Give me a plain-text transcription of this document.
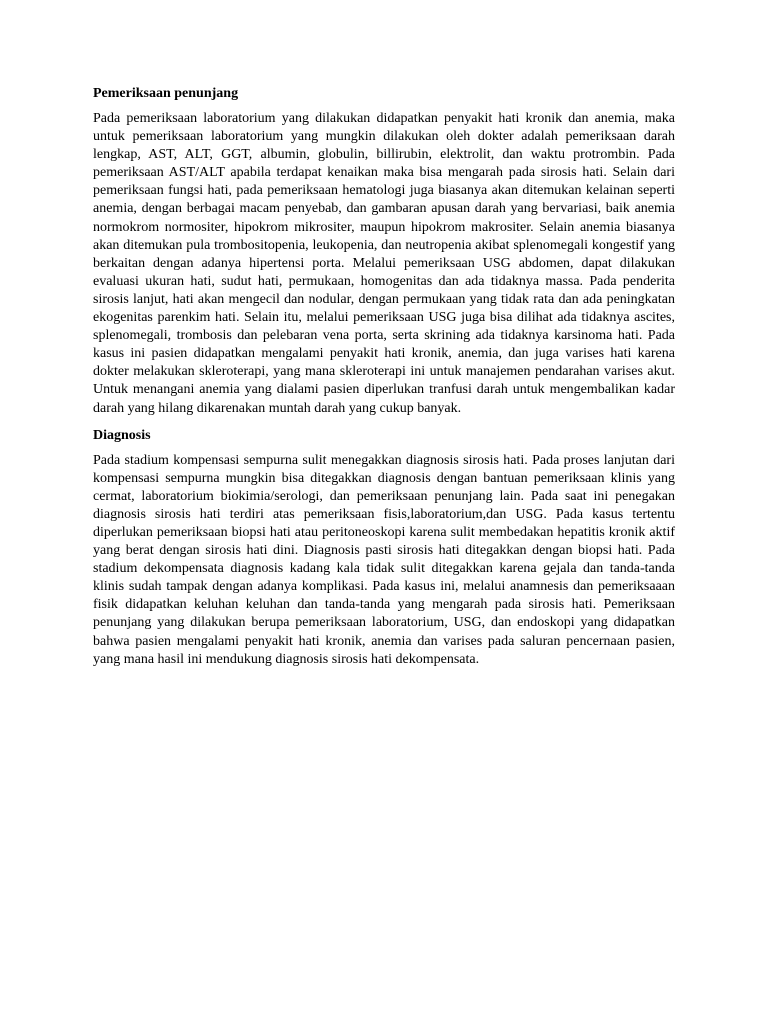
Pemeriksaan penunjang

Pada pemeriksaan laboratorium yang dilakukan didapatkan penyakit hati kronik dan anemia, maka untuk pemeriksaan laboratorium yang mungkin dilakukan oleh dokter adalah pemeriksaan darah lengkap, AST, ALT, GGT, albumin, globulin, billirubin, elektrolit, dan waktu protrombin. Pada pemeriksaan AST/ALT apabila terdapat kenaikan maka bisa mengarah pada sirosis hati. Selain dari pemeriksaan fungsi hati, pada pemeriksaan hematologi juga biasanya akan ditemukan kelainan seperti anemia, dengan berbagai macam penyebab, dan gambaran apusan darah yang bervariasi, baik anemia normokrom normositer, hipokrom mikrositer, maupun hipokrom makrositer. Selain anemia biasanya akan ditemukan pula trombositopenia, leukopenia, dan neutropenia akibat splenomegali kongestif yang berkaitan dengan adanya hipertensi porta. Melalui pemeriksaan USG abdomen, dapat dilakukan evaluasi ukuran hati, sudut hati, permukaan, homogenitas dan ada tidaknya massa. Pada penderita sirosis lanjut, hati akan mengecil dan nodular, dengan permukaan yang tidak rata dan ada peningkatan ekogenitas parenkim hati. Selain itu, melalui pemeriksaan USG juga bisa dilihat ada tidaknya ascites, splenomegali, trombosis dan pelebaran vena porta, serta skrining ada tidaknya karsinoma hati. Pada kasus ini pasien didapatkan mengalami penyakit hati kronik, anemia, dan juga varises hati karena dokter melakukan skleroterapi, yang mana skleroterapi ini untuk manajemen pendarahan varises akut. Untuk menangani anemia yang dialami pasien diperlukan tranfusi darah untuk mengembalikan kadar darah yang hilang dikarenakan muntah darah yang cukup banyak.

Diagnosis

Pada stadium kompensasi sempurna sulit menegakkan diagnosis sirosis hati. Pada proses lanjutan dari kompensasi sempurna mungkin bisa ditegakkan diagnosis dengan bantuan pemeriksaan klinis yang cermat, laboratorium biokimia/serologi, dan pemeriksaan penunjang lain. Pada saat ini penegakan diagnosis sirosis hati terdiri atas pemeriksaan fisis,laboratorium,dan USG. Pada kasus tertentu diperlukan pemeriksaan biopsi hati atau peritoneoskopi karena sulit membedakan hepatitis kronik aktif yang berat dengan sirosis hati dini. Diagnosis pasti sirosis hati ditegakkan dengan biopsi hati. Pada stadium dekompensata diagnosis kadang kala tidak sulit ditegakkan karena gejala dan tanda-tanda klinis sudah tampak dengan adanya komplikasi. Pada kasus ini, melalui anamnesis dan pemeriksaaan fisik didapatkan keluhan keluhan dan tanda-tanda yang mengarah pada sirosis hati. Pemeriksaan penunjang yang dilakukan berupa pemeriksaan laboratorium, USG, dan endoskopi yang didapatkan bahwa pasien mengalami penyakit hati kronik, anemia dan varises pada saluran pencernaan pasien, yang mana hasil ini mendukung diagnosis sirosis hati dekompensata.
